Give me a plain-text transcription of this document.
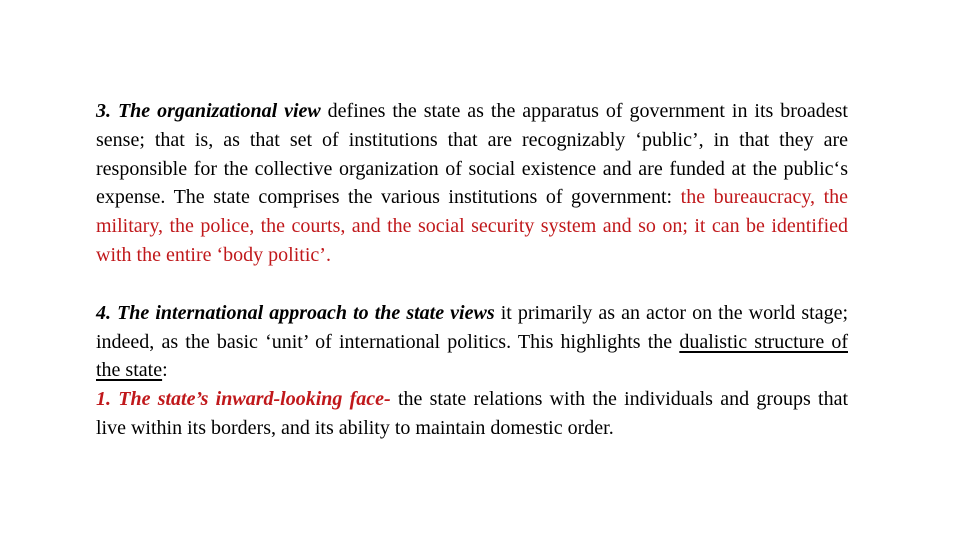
3. The organizational view defines the state as the apparatus of government in its broadest sense; that is, as that set of institutions that are recognizably ‘public’, in that they are responsible for the collective organization of social existence and are funded at the public‘s expense. The state comprises the various institutions of government: the bureaucracy, the military, the police, the courts, and the social security system and so on; it can be identified with the entire ‘body politic’.

4. The international approach to the state views it primarily as an actor on the world stage; indeed, as the basic ‘unit’ of international politics. This highlights the dualistic structure of the state:
1. The state’s inward-looking face- the state relations with the individuals and groups that live within its borders, and its ability to maintain domestic order.
